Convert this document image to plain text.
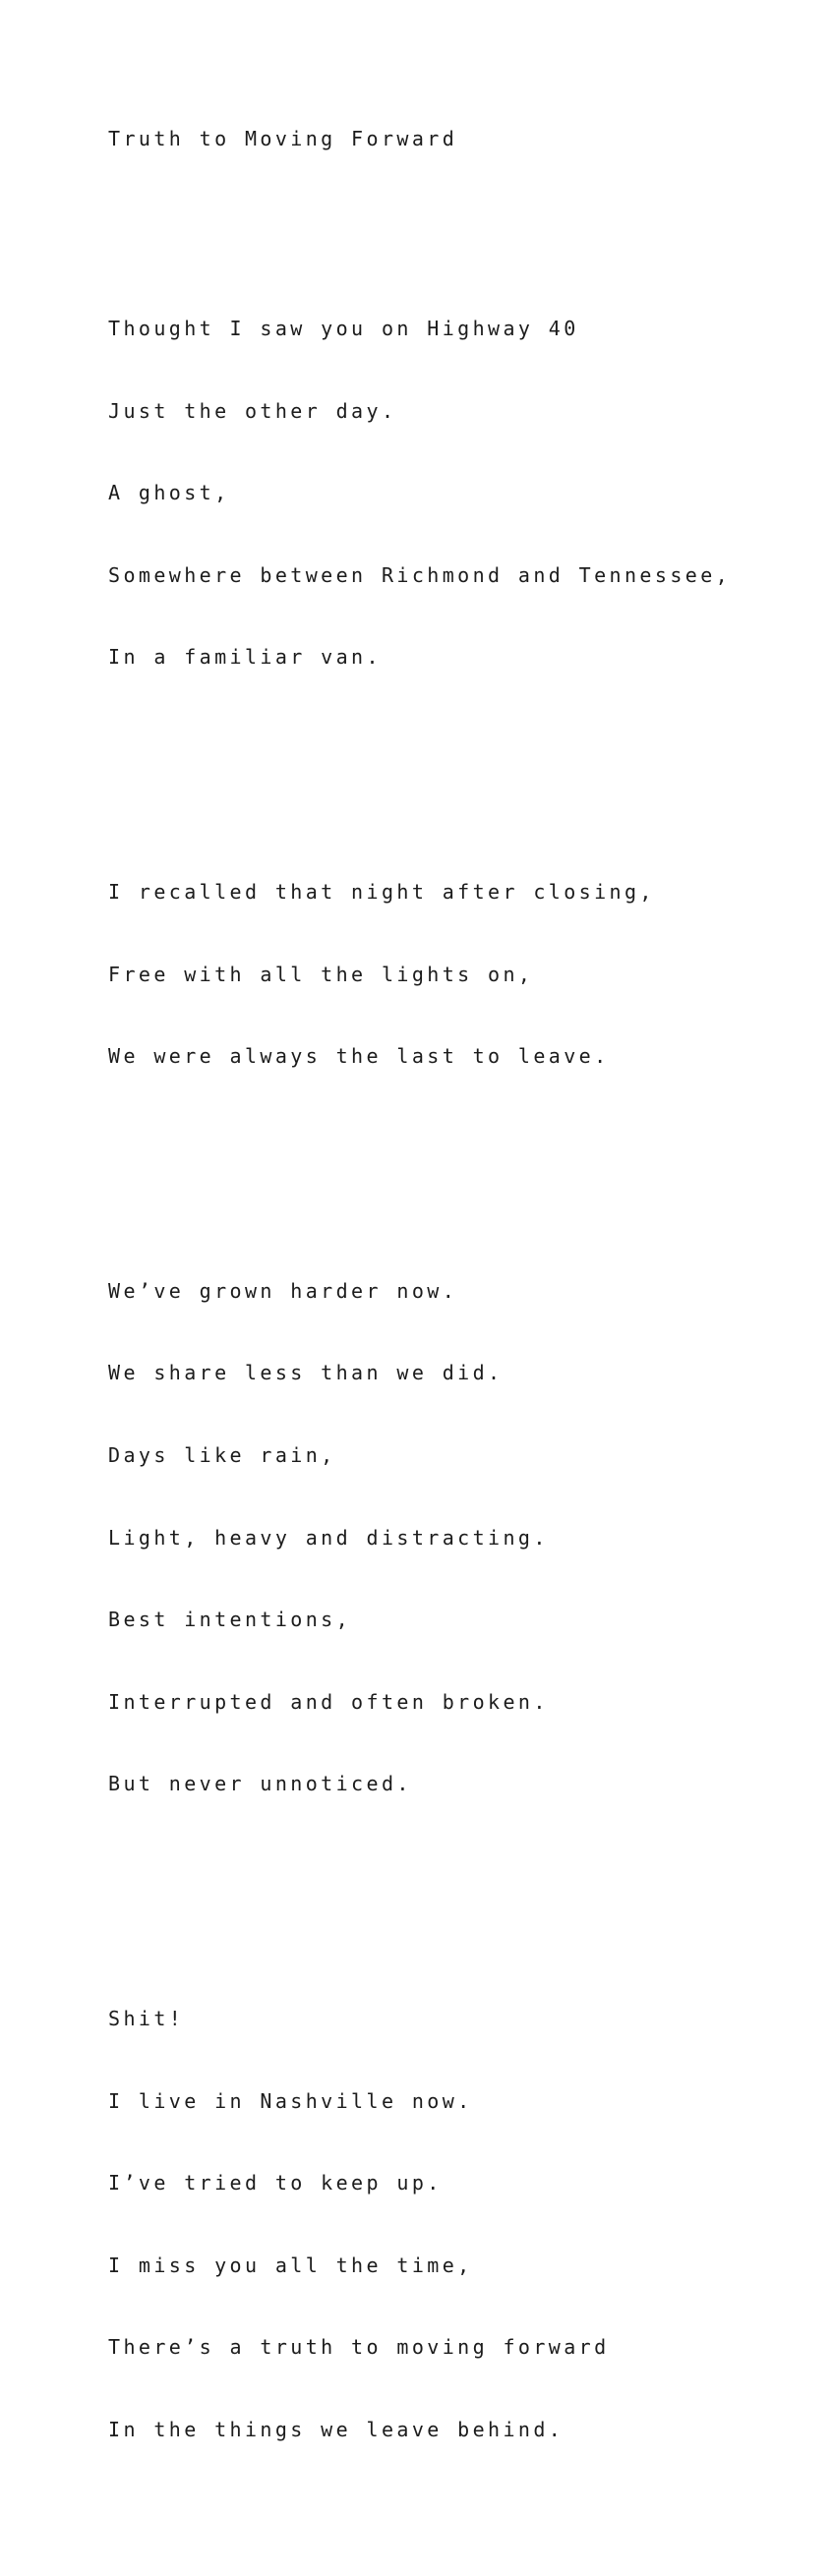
Truth to Moving Forward

Thought I saw you on Highway 40

Just the other day.

A ghost,

Somewhere between Richmond and Tennessee,

In a familiar van.

I recalled that night after closing,

Free with all the lights on,

We were always the last to leave.

We’ve grown harder now.

We share less than we did.

Days like rain,

Light, heavy and distracting.

Best intentions,

Interrupted and often broken.

But never unnoticed.

Shit!

I live in Nashville now.

I’ve tried to keep up.

I miss you all the time,

There’s a truth to moving forward

In the things we leave behind.
